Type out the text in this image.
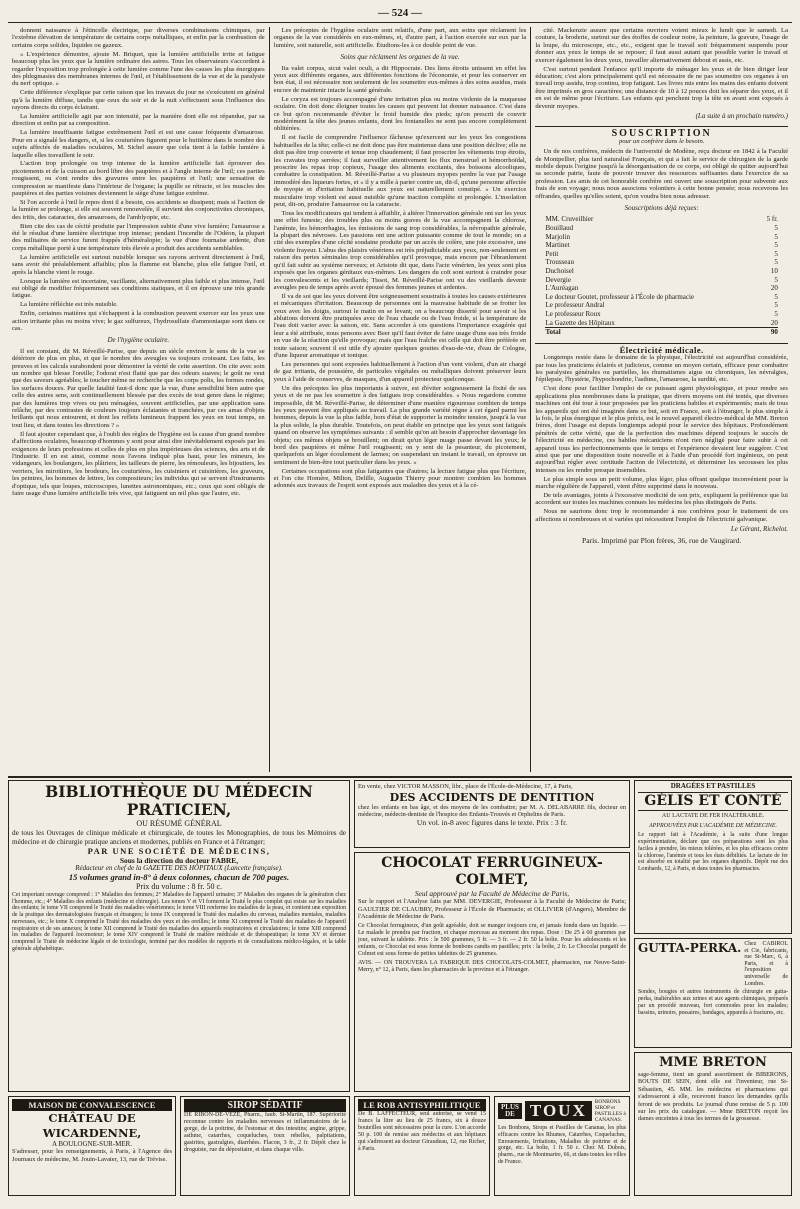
— 524 —

donnent naissance à l'étincelle électrique, par diverses combinaisons chimiques, par l'extrême élévation de température de certains corps métalliques, et enfin par la combustion de certains corps solides, liquides ou gazeux.

« L'expérience démontre, ajoute M. Briquet, que la lumière artificielle irrite et fatigue beaucoup plus les yeux que la lumière ordinaire des astres. Tous les observateurs s'accordent à regarder l'exposition trop prolongée à cette lumière comme l'une des causes les plus énergiques des phlegmasies des membranes internes de l'œil, et l'établissement de la vue et de la paralysie du nerf optique. »

Cette différence s'explique par cette raison que les travaux du jour ne s'exécutent en général qu'à la lumière diffuse, tandis que ceux du soir et de la nuit s'effectuent sous l'influence des rayons directs du corps éclairant.

La lumière artificielle agit par son intensité, par la manière dont elle est répandue, par sa direction et enfin par sa composition.

La lumière insuffisante fatigue extrêmement l'œil et est une cause fréquente d'amaurose. Pour en a signalé les dangers, et, si les couturières figurent pour le huitième dans le nombre des sujets affectés de maladies oculaires, M. Sichel assure que cela tient à la faible lumière à laquelle elles travaillent le soir.

L'action trop prolongée ou trop intense de la lumière artificielle fait éprouver des picotements et de la cuisson au bord libre des paupières et à l'angle interne de l'œil; ces parties rougissent, ou s'ont rendre des gravures entre les paupières et l'œil; une sensation de compression se manifeste dans l'intérieur de l'organe; la pupille se rétracte, et les muscles des paupières et des parties voisines deviennent le siège d'une fatigue extrême.

Si l'on accorde à l'œil le repos dont il a besoin, ces accidents se dissipent; mais si l'action de la lumière se prolonge, si elle est souvent renouvelée, il survient des conjonctivites chroniques, des iritis, des cataractes, des amauroses, de l'amblyopie, etc.

Bien cite des cas de cécité produite par l'impression subite d'une vive lumière; l'amaurose a été le résultat d'une lumière électrique trop intense; pendant l'incendie de l'Odéon, la plupart des militaires de service furent frappés d'héméralopie; la vue d'une fournaise ardente, d'un corps métallique porté à une température très élevée a produit des accidents semblables.

La lumière artificielle est surtout nuisible lorsque ses rayons arrivent directement à l'œil, sans avoir été préalablement affaiblis; plus la flamme est blanche, plus elle fatigue l'œil, et après la blanche vient le rouge.

Lorsque la lumière est incertaine, vacillante, alternativement plus faible et plus intense, l'œil est obligé de modifier fréquemment ses conditions statiques, et il en éprouve une très grande fatigue.

La lumière réfléchie est très nuisible.

Enfin, certaines matières qui s'échappent à la combustion peuvent exercer sur les yeux une action irritante plus ou moins vive; le gaz sulfureux, l'hydrosulfate d'ammoniaque sont dans ce cas.

De l'hygiène oculaire.

Il est constant, dit M. Réveillé-Parise, que depuis un siècle environ le sens de la vue se détériore de plus en plus, et que le nombre des aveugles va toujours croissant. Les faits, les preuves et les calculs surabondent pour démontrer la vérité de cette assertion. On cite avec soin un nombre qui blesse l'oreille; l'odorat n'est flatté que par des odeurs suaves; le goût ne veut que des saveurs agréables; le toucher même ne recherche que les corps polis, les formes rondes, les surfaces douces. Par quelle fatalité faut-il donc que la vue, d'une sensibilité bien autre que celle des autres sens, soit continuellement blessée par des excès de tout genre dans le régime; par des lumières trop vives ou peu ménagées, souvent artificielles, par une application sans relâche, par des contrastes de couleurs toujours éclatantes et tranchées, par ces amas d'objets brillants qui nous entourent, et dont les reflets lumineux frappent les yeux en tout temps, en tout lieu, et dans toutes les directions ? »

Il faut ajouter cependant que, à l'oubli des règles de l'hygiène est la cause d'un grand nombre d'affections oculaires, beaucoup d'hommes y sont pour ainsi dire inévitablement exposés par les exigences de leurs professions et celles de plus en plus impérieuses des sciences, des arts et de l'industrie. Il en est ainsi, comme nous l'avons indiqué plus haut, pour les mineurs, les vidangeurs, les boulangers, les plâtriers, les tailleurs de pierre, les rémouleurs, les bijoutiers, les verriers, les miroitiers, les brodeurs, les couturières, les cuisiniers et cuisinières, les graveurs, les peintres, les hommes de lettres, les compositeurs; les individus qui se servent d'instruments d'optique, tels que loupes, microscopes, lunettes astronomiques, etc.; ceux qui sont obligés de faire usage d'une lumière artificielle très vive, qui fatiguent un œil plus que l'autre, etc.

Les préceptes de l'hygiène oculaire sont relatifs, d'une part, aux soins que réclament les organes de la vue considérés en eux-mêmes, et, d'autre part, à l'action exercée sur eux par la lumière, soit naturelle, soit artificielle. Étudions-les à ce double point de vue.

Soins que réclament les organes de la vue.

Ita valet corpus, sicut valet oculi, a dit Hippocrate. Des liens étroits unissent en effet les yeux aux différents organes, aux différentes fonctions de l'économie, et pour les conserver en bon état, il est nécessaire non seulement de les soumettre eux-mêmes à des soins assidus, mais encore de maintenir intacte la santé générale.

Le coryza est toujours accompagné d'une irritation plus ou moins violente de la muqueuse oculaire. On doit donc éloigner toutes les causes qui peuvent lui donner naissance. C'est dans ce but qu'on recommande d'éviter le froid humide des pieds; qu'on prescrit de couvrir modérément la tête des jeunes enfants, dont les fontanelles ne sont pas encore complètement oblitérées.

Il est facile de comprendre l'influence fâcheuse qu'exercent sur les yeux les congestions habituelles de la tête; celle-ci ne doit donc pas être maintenue dans une position déclive; elle ne doit pas être trop couverte et tenue trop chaudement; il faut proscrire les vêtements trop étroits, les cravates trop serrées; il faut surveiller attentivement les flux menstruel et hémorrhoïdal, proscrire les repas trop copieux, l'usage des aliments excitants, des boissons alcooliques, combattre la constipation. M. Réveillé-Parise a vu plusieurs myopes perdre la vue par l'usage immodéré des liqueurs fortes, et « il y a mille à parier contre un, dit-il, qu'une personne affectée de myopie et d'irritation habituelle aux yeux est naturellement constipé. » Un exercice musculaire trop violent est aussi nuisible qu'une inaction complète et prolongée. L'insolation peut, dit-on, produire l'amaurose ou la cataracte.

Tous les modificateurs qui tendent à affaiblir, à altérer l'innervation générale ont sur les yeux une effet funeste; des troubles plus ou moins graves de la vue accompagnent la chlorose, l'anémie, les hémorrhagies, les émissions de sang trop considérables, la névropathie générale, la plupart des névroses. Les passions ont une action puissante comme de tout le monde; on a cité des exemples d'une cécité soudaine produite par un accès de colère, une joie excessive, une violente frayeur. L'abus des plaisirs vénériens est très préjudiciable aux yeux, non-seulement en raison des pertes séminales trop considérables qu'il provoque, mais encore par l'ébranlement qu'il fait subir au système nerveux; et Aristote dit que, dans l'acte vénérien, les yeux sont plus exposés que les organes génitaux eux-mêmes. Les dangers du coït sont surtout à craindre pour les convalescents et les vieillards; Tissot, M. Réveillé-Parise ont vu des vieillards devenir aveugles peu de temps après avoir épousé des femmes jeunes et ardentes.

Il va de soi que les yeux doivent être soigneusement soustraits à toutes les causes extérieures et mécaniques d'irritation. Beaucoup de personnes ont la mauvaise habitude de se frotter les yeux avec les doigts, surtout le matin en se levant; on a beaucoup disserté pour savoir si les ablutions doivent être pratiquées avec de l'eau chaude ou de l'eau froide, si la température de l'eau doit varier avec la saison, etc. Sans accorder à ces questions l'importance exagérée qui leur a été attribuée, nous pensons avec Beer qu'il faut éviter de faire usage d'une eau très froide en vue de la réaction qu'elle provoque; mais que l'eau fraîche est celle qui doit être préférée en toute saison; souvent il est utile d'y ajouter quelques gouttes d'eau-de-vie, d'eau de Cologne, d'une liqueur aromatique et tonique.

Les personnes qui sont exposées habituellement à l'action d'un vent violent, d'un air chargé de gaz irritants, de poussière, de particules végétales ou métalliques doivent préserver leurs yeux à l'aide de conserves, de masques, d'un appareil protecteur quelconque.

Un des préceptes les plus importants à suivre, est d'éviter soigneusement la fixité de ses yeux et de ne pas les soumettre à des fatigues trop considérables. « Nous regardons comme impossible, dit M. Réveillé-Parise, de déterminer d'une manière rigoureuse combien de temps les yeux peuvent être appliqués au travail. La plus grande variété règne à cet égard parmi les hommes, depuis la vue la plus faible, hors d'état de supporter la moindre tension, jusqu'à la vue la plus solide, la plus durable. Toutefois, on peut établir en principe que les yeux sont fatigués quand on observe les symptômes suivants : il semble qu'on ait besoin d'approcher davantage les objets; ces mêmes objets se brouillent; on dirait qu'un léger nuage passe devant les yeux; le bord des paupières et même l'œil rougissent; on y sent de la pesanteur, du picotement, quelquefois un léger écoulement de larmes; on suspendant un instant le travail, on éprouve un sentiment de bien-être tout particulier dans les yeux. »

Certaines occupations sont plus fatigantes que d'autres; la lecture fatigue plus que l'écriture, et l'on cite Homère, Milton, Delille, Augustin Thierry pour montrer combien les hommes adonnés aux travaux de l'esprit sont exposés aux maladies des yeux et à la cé-

cité. Mackenzie assure que certains ouvriers voient mieux le lundi que le samedi. La couture, la broderie, surtout sur des étoffes de couleur noire, la peinture, la gravure, l'usage de la loupe, du microscope, etc., etc., exigent que le travail soit fréquemment suspendu pour donner aux yeux le temps de se reposer; il faut aussi autant que possible varier le travail et exercer également les deux yeux, travailler alternativement debout et assis, etc.

C'est surtout pendant l'enfance qu'il importe de ménager les yeux et de bien diriger leur éducation; c'est alors principalement qu'il est nécessaire de ne pas soumettre ces organes à un travail trop assidu, trop continu, trop fatigant. Les livres mis entre les mains des enfants doivent être imprimés en gros caractères; une distance de 10 à 12 pouces doit les séparer des yeux, et il en est de même pour l'écriture. Les enfants qui penchent trop la tête en avant sont exposés à devenir myopes.

(La suite à un prochain numéro.)
SOUSCRIPTION
pour un confrère dans le besoin.

Un de nos confrères, médecin de l'université de Modène, reçu docteur en 1842 à la Faculté de Montpellier, plus tard naturalisé Français, et qui a fait le service de chirurgien de la garde mobile depuis l'origine jusqu'à la désorganisation de ce corps, est obligé de quitter aujourd'hui sa seconde patrie, faute de pouvoir trouver des ressources suffisantes dans l'exercice de sa profession. Les amis de cet honorable confrère ont ouvert une souscription pour subvenir aux frais de son voyage; nous nous associons volontiers à cette bonne pensée; nous recevrons les offrandes, quelles qu'elles soient, qu'on voudra bien nous adresser.

Souscriptions déjà reçues:
MM. Cruveilhier	5 fr.
Bouillaud	5
Marjolin	5
Martinet	5
Petit	5
Trousseau	5
Duchoisel	10
Devergie	5
L'Auréagan	20
Le docteur Goutet, professeur à l'École de pharmacie	5
Le professeur Andral	5
Le professeur Roux	5
La Gazette des Hôpitaux	20
Total	90
Électricité médicale.

Longtemps restée dans le domaine de la physique, l'électricité est aujourd'hui considérée, par tous les praticiens éclairés et judicieux, comme un moyen certain, efficace pour combattre les paralysies générales ou partielles, les rhumatismes aigus ou chroniques, les névralgies, l'épilepsie, l'hystérie, l'hypochondrie, l'asthme, l'amaurose, la surdité, etc.

C'est donc pour faciliter l'emploi de ce puissant agent physiologique, et pour rendre ses applications plus nombreuses dans la pratique, que divers moyens ont été tentés, que diverses machines ont été tour à tour proposées par les praticiens habiles et expérimentés; mais de tous les appareils qui ont été imaginés dans ce but, soit en France, soit à l'étranger, le plus simple à la fois, le plus énergique et le plus précis, est le nouvel appareil électro-médical de MM. Breton frères, dont l'usage est depuis longtemps adopté pour le service des hôpitaux. Profondément pénétrés de cette vérité, que de la perfection des machines dépend toujours le succès de l'électricité en médecine, ces habiles mécaniciens n'ont rien négligé pour faire subir à cet appareil tous les perfectionnements que le temps et l'expérience devaient leur suggérer. C'est ainsi que par une disposition toute nouvelle et à l'aide d'un procédé fort ingénieux, on peut aujourd'hui régler avec certitude l'action de l'électricité, et déterminer les secousses les plus intenses ou les rendre presque insensibles.

Le plus simple sous un petit volume, plus léger, plus offrant quelque inconvénient pour la marche régulière de l'appareil, vient d'être supprimé dans le nouveau.

De tels avantages, joints à l'excessive modicité de son prix, expliquent la préférence que lui accordent sur toutes les machines connues les médecins les plus distingués de Paris.

Nous ne saurions donc trop le recommander à nos confrères pour le traitement de ces affections si nombreuses et si variées qui nécessitent l'emploi de l'électricité galvanique.

Le Gérant, Richelot.
Paris. Imprimé par Plon frères, 36, rue de Vaugirard.
BIBLIOTHÈQUE DU MÉDECIN PRATICIEN,
OU RÉSUMÉ GÉNÉRAL
de tous les Ouvrages de clinique médicale et chirurgicale, de toutes les Monographies, de tous les Mémoires de médecine et de chirurgie pratique anciens et modernes, publiés en France et à l'étranger;
PAR UNE SOCIÉTÉ DE MÉDECINS,
Sous la direction du docteur FABRE,
Rédacteur en chef de la GAZETTE DES HÔPITAUX (Lancette française).
15 volumes grand in-8° à deux colonnes, chacun de 700 pages.
Prix du volume : 8 fr. 50 c.
Cet important ouvrage comprend : 1° Maladies des femmes; 2° Maladies de l'appareil urinaire; 3° Maladies des organes de la génération chez l'homme, etc.; 4° Maladies des enfants (médecine et chirurgie). Les tomes V et VI forment le Traité le plus complet qui existe sur les maladies des enfants; le tome VII comprend le Traité des maladies vénériennes; le tome VIII renferme les maladies de la peau, et contient une exposition de la pratique des dermatologistes français et étrangers; le tome IX comprend le Traité des maladies du cerveau, maladies mentales, maladies nerveuses, etc.; le tome X comprend le Traité des maladies des yeux et des oreilles; le tome XI comprend le Traité des maladies de l'appareil respiratoire et de ses annexes; le tome XII comprend le Traité des maladies des appareils respiratoires et circulatoires; le tome XIII comprend les maladies de l'appareil locomoteur; le tome XIV comprend le Traité de matière médicale et de thérapeutique; le tome XV et dernier comprend le Traité de médecine légale et de toxicologie, terminé par des modèles de rapports et de consultations médico-légales, et la table générale alphabétique.
MAISON DE CONVALESCENCE
CHÂTEAU DE WICARDENNE,
A BOULOGNE-SUR-MER.
S'adresser, pour les renseignements, à Paris, à l'Agence des Journaux de médecine, M. Jouin-Lavater, 13, rue de Trévise.
SIROP SÉDATIF
DE RIBON-DE-VEZE, Pharm., faub. St-Martin, 187. Supériorité reconnue contre les maladies nerveuses et inflammatoires de la gorge, de la poitrine, de l'estomac et des intestins; angine, grippe, asthme, catarrhes, coqueluches, toux rebelles, palpitations, gastrites, gastralgies, diarrhées. Flacon, 3 fr., 2 fr. Dépôt chez le droguiste, rue du dépositaire, et dans chaque ville.
En vente, chez VICTOR MASSON, libr., place de l'École-de-Médecine, 17, à Paris,
DES ACCIDENTS DE DENTITION
chez les enfants en bas âge, et des moyens de les combattre; par M. A. DELABARRE fils, docteur en médecine, médecin-dentiste de l'hospice des Enfants-Trouvés et Orphelins de Paris.
Un vol. in-8 avec figures dans le texte. Prix : 3 fr.
CHOCOLAT FERRUGINEUX-COLMET,
Seul approuvé par la Faculté de Médecine de Paris,
Sur le rapport et l'Analyse faits par MM. DEVERGIE, Professeur à la Faculté de Médecine de Paris; GAULTIER DE CLAUBRY, Professeur à l'École de Pharmacie; et OLLIVIER (d'Angers), Membre de l'Académie de Médecine de Paris.
Ce Chocolat ferrugineux, d'un goût agréable, doit se manger toujours cru, et jamais fondu dans un liquide. — Le malade le prendra par fraction, et chaque morceau au moment des repas. Dose : De 25 à 60 grammes par jour, suivant la tablette. Prix : le 500 grammes, 5 fr. — 3 fr. — 2 fr. 50 la boîte. Pour les adolescents et les enfants, ce Chocolat est sous forme de bonbons candis en pastilles; prix : la boîte, 2 fr. Le Chocolat purgatif de Colmet est sous forme de petites tablettes de 25 grammes.
AVIS. — ON TROUVERA LA FABRIQUE DES CHOCOLATS-COLMET, pharmacien, rue Neuve-Saint-Merry, n° 12, à Paris, dans les pharmacies de la province et à l'étranger.
LE ROB ANTISYPHILITIQUE
De B. LAFFECTEUR, seul autorisé, se vend 15 francs la litre au lieu de 25 francs, six à douze bouteilles sont nécessaires pour la cure. L'on accorde 50 p. 100 de remise aux médecins et aux hôpitaux qui s'adressent au docteur Giraudeau, 12, rue Richer, à Paris.
PLUS DE TOUX	BONBONS SIROP et PASTILLES à CANANAS.
Les Bonbons, Sirops et Pastilles de Cananas, les plus efficaces contre les Rhumes, Catarrhes, Coqueluches, Enrouements, Irritations, Maladies de poitrine et de gorge, etc. La boîte, 1 fr. 50 c. Chez M. Dubois, pharm., rue de Montmartre, 66, et dans toutes les villes de France.
DRAGÉES ET PASTILLES
GÉLIS ET CONTÉ
AU LACTATE DE FER INALTÉRABLE.
APPROUVÉES PAR L'ACADÉMIE DE MÉDECINE.
Le rapport fait à l'Académie, à la suite d'une longue expérimentation, déclare que ces préparations sont les plus faciles à prendre, les mieux tolérées, et les plus efficaces contre la chlorose, l'anémie et tous les états débilités. Le lactate de fer est absorbé en totalité par les organes digestifs. Dépôt rue des Lombards, 12, à Paris, et dans toutes les pharmacies.
GUTTA-PERKA. Chez CABIROL et Cie, fabricants, rue St-Marc, 6, à Paris, et à l'exposition universelle de Londres.
Sondes, bougies et autres instruments de chirurgie en gutta-perka, inaltérables aux urines et aux agents chimiques, préparés par un procédé nouveau, fort commodes pour les malades; bassins, urinoirs, pessaires, bandages, appareils à fractures, etc.
MME BRETON
sage-femme, tient un grand assortiment de BIBERONS, BOUTS DE SEIN, dont elle est l'inventeur, rue St-Sébastien, 45. MM. les médecins et pharmaciens qui s'adresseront à elle, recevront franco les demandes qu'ils feront de ses produits. Le journal d'une remise de 5 p. 100 sur les prix du catalogue. — Mme BRETON reçoit les dames enceintes à tous les termes de la grossesse.
